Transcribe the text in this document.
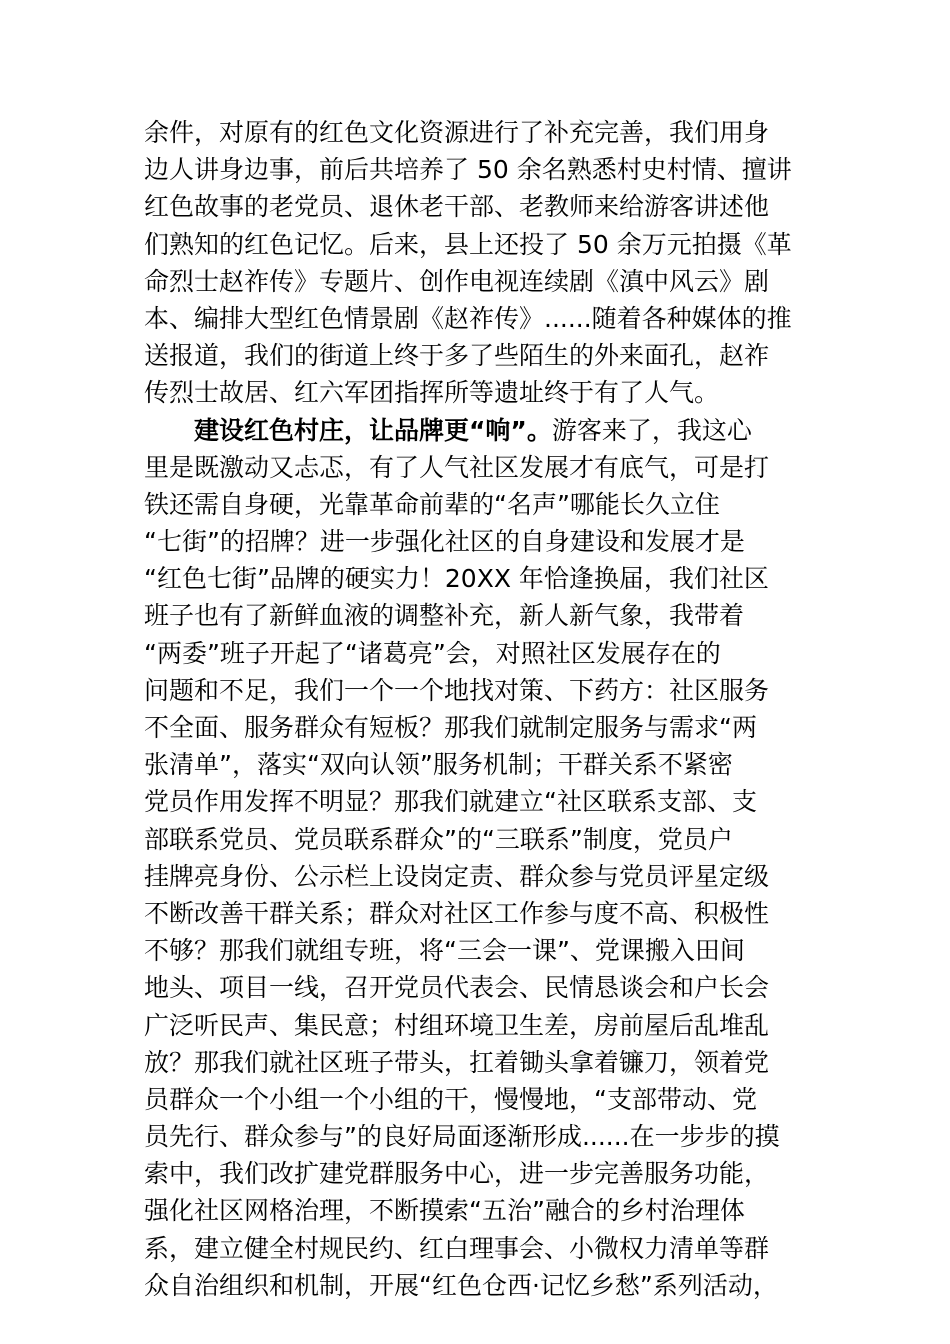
余件，对原有的红色文化资源进行了补充完善，我们用身
边人讲身边事，前后共培养了 50 余名熟悉村史村情、擅讲
红色故事的老党员、退休老干部、老教师来给游客讲述他
们熟知的红色记忆。后来，县上还投了 50 余万元拍摄《革
命烈士赵祚传》专题片、创作电视连续剧《滇中风云》剧
本、编排大型红色情景剧《赵祚传》......随着各种媒体的推
送报道，我们的街道上终于多了些陌生的外来面孔，赵祚
传烈士故居、红六军团指挥所等遗址终于有了人气。
建设红色村庄，让品牌更“响”。游客来了，我这心
里是既激动又忐忑，有了人气社区发展才有底气，可是打
铁还需自身硬，光靠革命前辈的“名声”哪能长久立住
“七街”的招牌？进一步强化社区的自身建设和发展才是
“红色七街”品牌的硬实力！20XX 年恰逢换届，我们社区
班子也有了新鲜血液的调整补充，新人新气象，我带着
“两委”班子开起了“诸葛亮”会，对照社区发展存在的
问题和不足，我们一个一个地找对策、下药方：社区服务
不全面、服务群众有短板？那我们就制定服务与需求“两
张清单”，落实“双向认领”服务机制；干群关系不紧密
党员作用发挥不明显？那我们就建立“社区联系支部、支
部联系党员、党员联系群众”的“三联系”制度，党员户
挂牌亮身份、公示栏上设岗定责、群众参与党员评星定级
不断改善干群关系；群众对社区工作参与度不高、积极性
不够？那我们就组专班，将“三会一课”、党课搬入田间
地头、项目一线，召开党员代表会、民情恳谈会和户长会
广泛听民声、集民意；村组环境卫生差，房前屋后乱堆乱
放？那我们就社区班子带头，扛着锄头拿着镰刀，领着党
员群众一个小组一个小组的干，慢慢地，“支部带动、党
员先行、群众参与”的良好局面逐渐形成......在一步步的摸
索中，我们改扩建党群服务中心，进一步完善服务功能，
强化社区网格治理，不断摸索“五治”融合的乡村治理体
系，建立健全村规民约、红白理事会、小微权力清单等群
众自治组织和机制，开展“红色仓西·记忆乡愁”系列活动，
